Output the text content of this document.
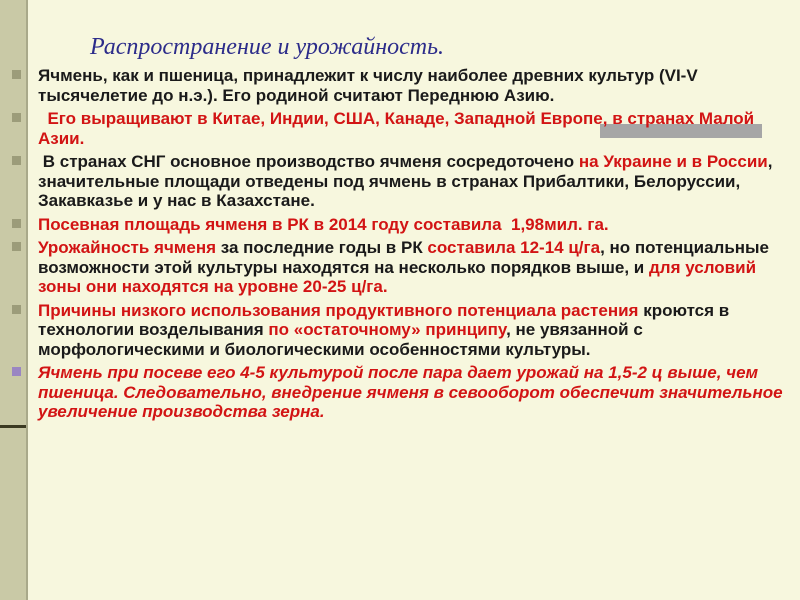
Распространение и урожайность.
Ячмень, как и пшеница, принадлежит к числу наиболее древних культур (VI-V тысячелетие до н.э.). Его родиной считают Переднюю Азию.
Его выращивают в Китае, Индии, США, Канаде, Западной Европе, в странах Малой Азии.
В странах СНГ основное производство ячменя сосредоточено на Украине и в России, значительные площади отведены под ячмень в странах Прибалтики, Белоруссии, Закавказье и у нас в Казахстане.
Посевная площадь ячменя в РК в 2014 году составила  1,98мил. га.
Урожайность ячменя за последние годы в РК составила 12-14 ц/га, но потенциальные возможности этой культуры находятся на несколько порядков выше, и для условий зоны они находятся на уровне 20-25 ц/га.
Причины низкого использования продуктивного потенциала растения кроются в технологии возделывания по «остаточному» принципу, не увязанной с морфологическими и биологическими особенностями культуры.
Ячмень при посеве его 4-5 культурой после пара дает урожай на 1,5-2 ц выше, чем пшеница. Следовательно, внедрение ячменя в севооборот обеспечит значительное увеличение производства зерна.
